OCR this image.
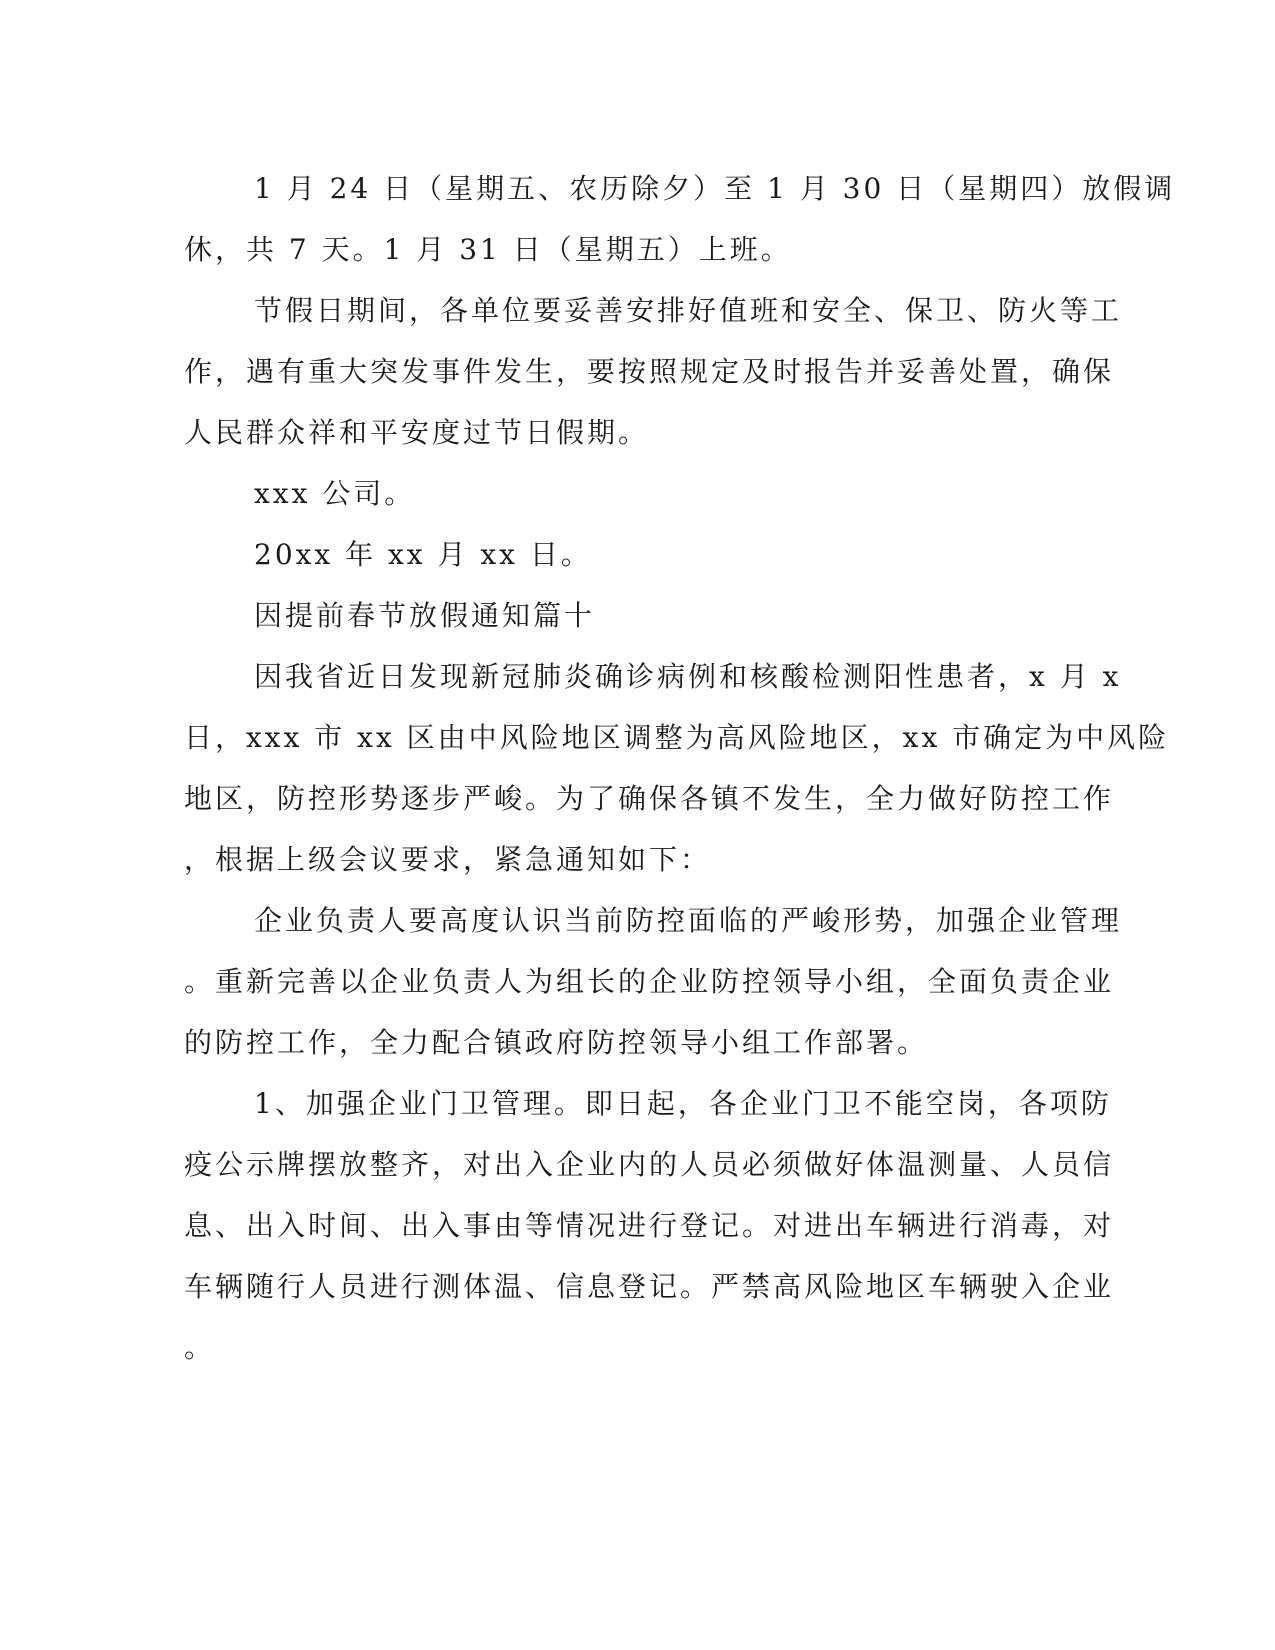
1 月 24 日（星期五、农历除夕）至 1 月 30 日（星期四）放假调
休，共 7 天。1 月 31 日（星期五）上班。
节假日期间，各单位要妥善安排好值班和安全、保卫、防火等工
作，遇有重大突发事件发生，要按照规定及时报告并妥善处置，确保
人民群众祥和平安度过节日假期。
xxx 公司。
20xx 年 xx 月 xx 日。
因提前春节放假通知篇十
因我省近日发现新冠肺炎确诊病例和核酸检测阳性患者，x 月 x
日，xxx 市 xx 区由中风险地区调整为高风险地区，xx 市确定为中风险
地区，防控形势逐步严峻。为了确保各镇不发生，全力做好防控工作
，根据上级会议要求，紧急通知如下：
企业负责人要高度认识当前防控面临的严峻形势，加强企业管理
。重新完善以企业负责人为组长的企业防控领导小组，全面负责企业
的防控工作，全力配合镇政府防控领导小组工作部署。
1、加强企业门卫管理。即日起，各企业门卫不能空岗，各项防
疫公示牌摆放整齐，对出入企业内的人员必须做好体温测量、人员信
息、出入时间、出入事由等情况进行登记。对进出车辆进行消毒，对
车辆随行人员进行测体温、信息登记。严禁高风险地区车辆驶入企业
。
